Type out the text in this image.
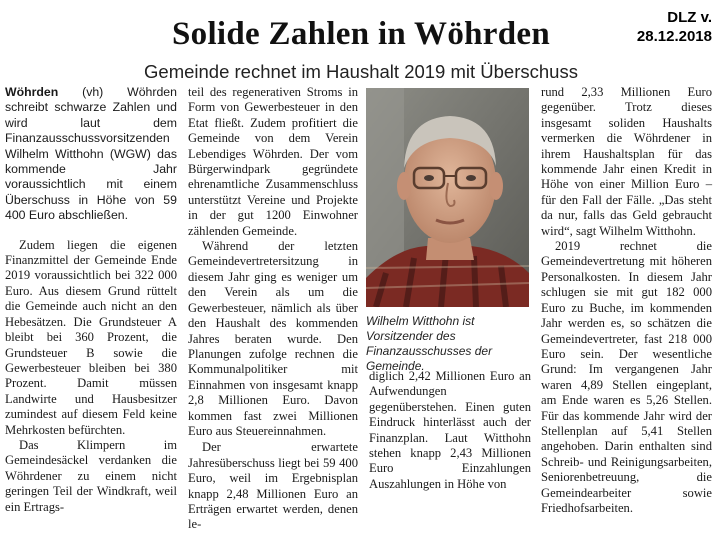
DLZ v.
28.12.2018
Solide Zahlen in Wöhrden
Gemeinde rechnet im Haushalt 2019 mit Überschuss

Wöhrden (vh) Wöhrden schreibt schwarze Zahlen und wird laut dem Finanzausschussvorsitzenden Wilhelm Witthohn (WGW) das kommende Jahr voraussichtlich mit einem Überschuss in Höhe von 59 400 Euro abschließen.

Zudem liegen die eigenen Finanzmittel der Gemeinde Ende 2019 voraussichtlich bei 322 000 Euro. Aus diesem Grund rüttelt die Gemeinde auch nicht an den Hebesätzen. Die Grundsteuer A bleibt bei 360 Prozent, die Grundsteuer B sowie die Gewerbesteuer bleiben bei 380 Prozent. Damit müssen Landwirte und Hausbesitzer zumindest auf diesem Feld keine Mehrkosten befürchten.

Das Klimpern im Gemeindesäckel verdanken die Wöhrdener zu einem nicht geringen Teil der Windkraft, weil ein Ertrags-

teil des regenerativen Stroms in Form von Gewerbesteuer in den Etat fließt. Zudem profitiert die Gemeinde von dem Verein Lebendiges Wöhrden. Der vom Bürgerwindpark gegründete ehrenamtliche Zusammenschluss unterstützt Vereine und Projekte in der gut 1200 Einwohner zählenden Gemeinde.

Während der letzten Gemeindevertretersitzung in diesem Jahr ging es weniger um den Verein als um die Gewerbesteuer, nämlich als über den Haushalt des kommenden Jahres beraten wurde. Den Planungen zufolge rechnen die Kommunalpolitiker mit Einnahmen von insgesamt knapp 2,8 Millionen Euro. Davon kommen fast zwei Millionen Euro aus Steuereinnahmen.

Der erwartete Jahresüberschuss liegt bei 59 400 Euro, weil im Ergebnisplan knapp 2,48 Millionen Euro an Erträgen erwartet werden, denen le-

Wilhelm Witthohn ist Vorsitzender des Finanzausschusses der Gemeinde.

diglich 2,42 Millionen Euro an Aufwendungen gegenüberstehen. Einen guten Eindruck hinterlässt auch der Finanzplan. Laut Witthohn stehen knapp 2,43 Millionen Euro Einzahlungen Auszahlungen in Höhe von

rund 2,33 Millionen Euro gegenüber. Trotz dieses insgesamt soliden Haushalts vermerken die Wöhrdener in ihrem Haushaltsplan für das kommende Jahr einen Kredit in Höhe von einer Million Euro – für den Fall der Fälle. „Das steht da nur, falls das Geld gebraucht wird“, sagt Wilhelm Witthohn.

2019 rechnet die Gemeindevertretung mit höheren Personalkosten. In diesem Jahr schlugen sie mit gut 182 000 Euro zu Buche, im kommenden Jahr werden es, so schätzen die Gemeindevertreter, fast 218 000 Euro sein. Der wesentliche Grund: Im vergangenen Jahr waren 4,89 Stellen eingeplant, am Ende waren es 5,26 Stellen. Für das kommende Jahr wird der Stellenplan auf 5,41 Stellen angehoben. Darin enthalten sind Schreib- und Reinigungsarbeiten, Seniorenbetreuung, die Gemeindearbeiter sowie Friedhofsarbeiten.
